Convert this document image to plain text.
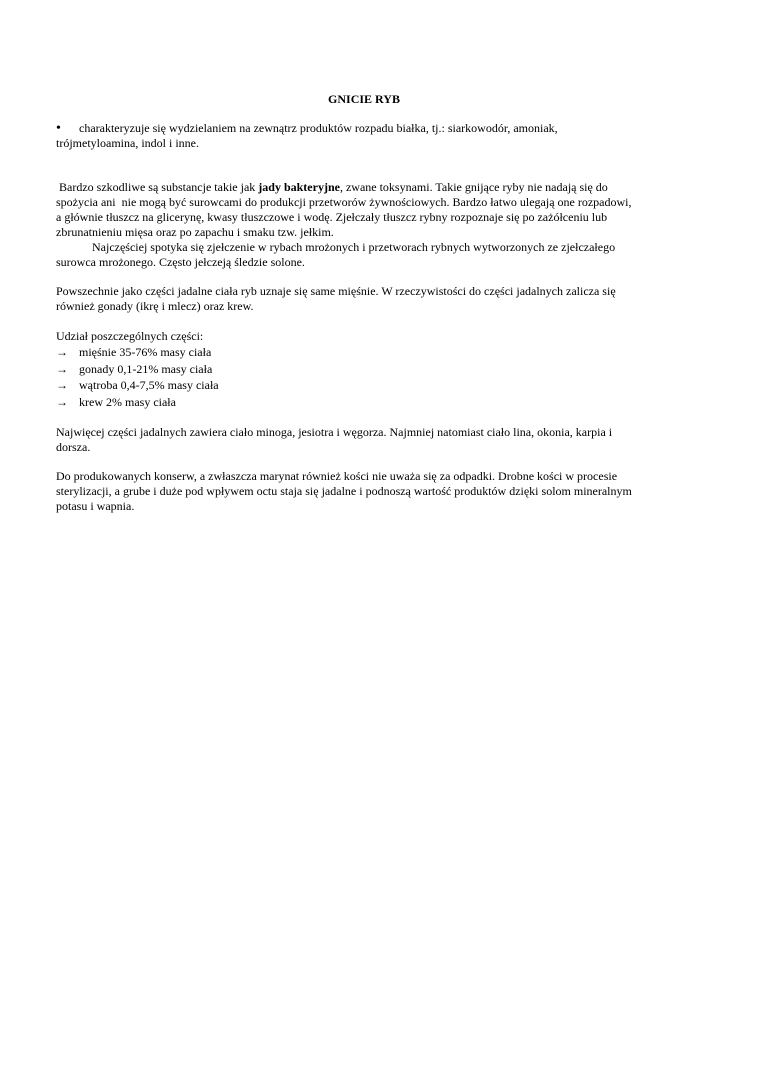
GNICIE RYB
• charakteryzuje się wydzielaniem na zewnątrz produktów rozpadu białka, tj.: siarkowodór, amoniak,
trójmetyloamina, indol i inne.
Bardzo szkodliwe są substancje takie jak jady bakteryjne, zwane toksynami. Takie gnijące ryby nie nadają się do
spożycia ani  nie mogą być surowcami do produkcji przetworów żywnościowych. Bardzo łatwo ulegają one rozpadowi,
a głównie tłuszcz na glicerynę, kwasy tłuszczowe i wodę. Zjełczały tłuszcz rybny rozpoznaje się po zażółceniu lub
zbrunatnieniu mięsa oraz po zapachu i smaku tzw. jełkim.
Najczęściej spotyka się zjełczenie w rybach mrożonych i przetworach rybnych wytworzonych ze zjełczałego
surowca mrożonego. Często jełczeją śledzie solone.
Powszechnie jako części jadalne ciała ryb uznaje się same mięśnie. W rzeczywistości do części jadalnych zalicza się
również gonady (ikrę i mlecz) oraz krew.
Udział poszczególnych części:
→ mięśnie 35-76% masy ciała
→ gonady 0,1-21% masy ciała
→ wątroba 0,4-7,5% masy ciała
→ krew 2% masy ciała
Najwięcej części jadalnych zawiera ciało minoga, jesiotra i węgorza. Najmniej natomiast ciało lina, okonia, karpia i
dorsza.
Do produkowanych konserw, a zwłaszcza marynat również kości nie uważa się za odpadki. Drobne kości w procesie
sterylizacji, a grube i duże pod wpływem octu staja się jadalne i podnoszą wartość produktów dzięki solom mineralnym
potasu i wapnia.
